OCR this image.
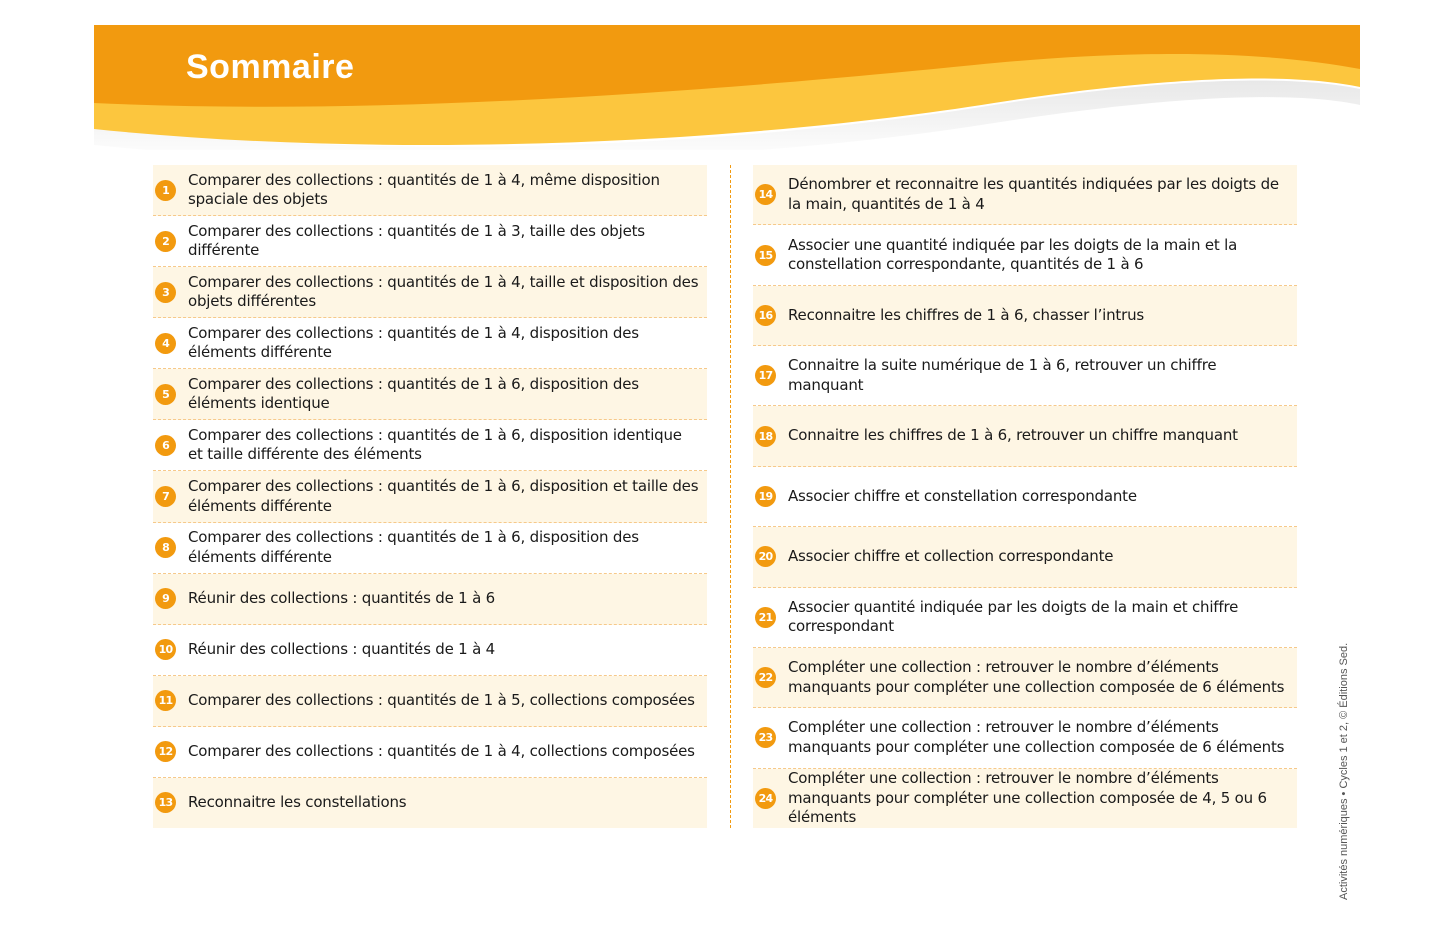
Sommaire
1
Comparer des collections : quantités de 1 à 4, même disposition spaciale des objets
2
Comparer des collections : quantités de 1 à 3, taille des objets différente
3
Comparer des collections : quantités de 1 à 4, taille et disposition des objets différentes
4
Comparer des collections : quantités de 1 à 4, disposition des éléments différente
5
Comparer des collections : quantités de 1 à 6, disposition des éléments identique
6
Comparer des collections : quantités de 1 à 6, disposition identique et taille différente des éléments
7
Comparer des collections : quantités de 1 à 6, disposition et taille des éléments différente
8
Comparer des collections : quantités de 1 à 6, disposition des éléments différente
9	Réunir des collections : quantités de 1 à 6
10 Réunir des collections : quantités de 1 à 4
11 Comparer des collections : quantités de 1 à 5, collections composées
12 Comparer des collections : quantités de 1 à 4, collections composées
13 Reconnaitre les constellations
14
Dénombrer et reconnaitre les quantités indiquées par les doigts de la main, quantités de 1 à 4
15
Associer une quantité indiquée par les doigts de la main et la constellation correspondante, quantités de 1 à 6
16 Reconnaitre les chiffres de 1 à 6, chasser l’intrus
17
Connaitre la suite numérique de 1 à 6, retrouver un chiffre manquant
18 Connaitre les chiffres de 1 à 6, retrouver un chiffre manquant
19 Associer chiffre et constellation correspondante
20 Associer chiffre et collection correspondante
21
Associer quantité indiquée par les doigts de la main et chiffre correspondant
22
Compléter une collection : retrouver le nombre d’éléments manquants pour compléter une collection composée de 6 éléments
23
Compléter une collection : retrouver le nombre d’éléments manquants pour compléter une collection composée de 6 éléments
24
Compléter une collection : retrouver le nombre d’éléments manquants pour compléter une collection composée de 4, 5 ou 6 éléments	Activités numériques • Cycles 1 et 2, © Éditions Sed.
